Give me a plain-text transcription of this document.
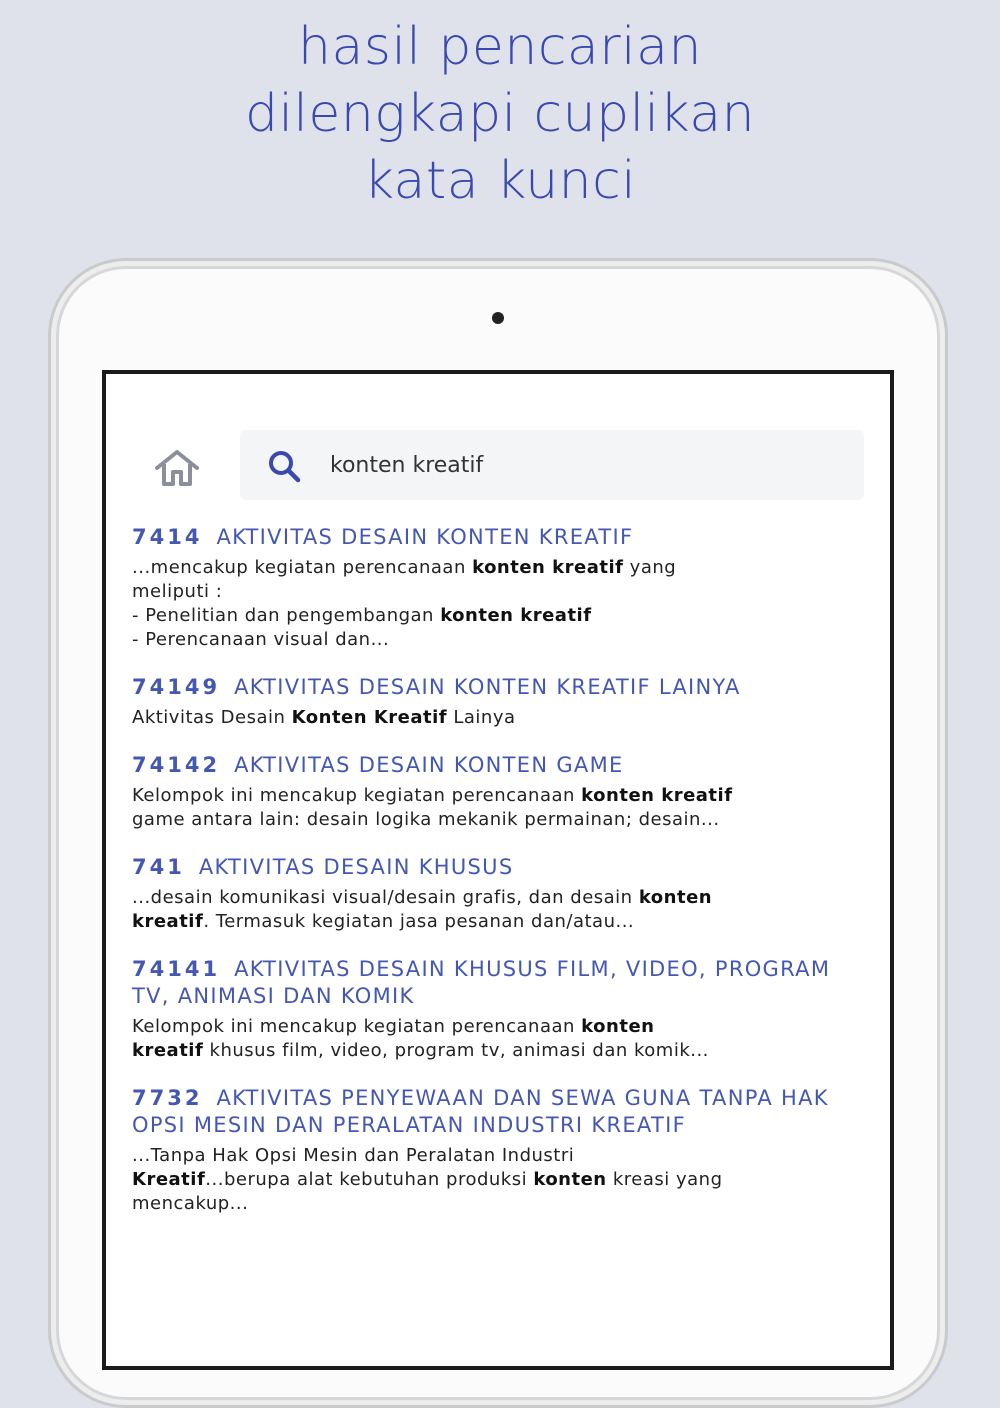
hasil pencarian
dilengkapi cuplikan
kata kunci
konten kreatif
7414 AKTIVITAS DESAIN KONTEN KREATIF
...mencakup kegiatan perencanaan konten kreatif yang
meliputi :
- Penelitian dan pengembangan konten kreatif
- Perencanaan visual dan...
74149 AKTIVITAS DESAIN KONTEN KREATIF LAINYA
Aktivitas Desain Konten Kreatif Lainya
74142 AKTIVITAS DESAIN KONTEN GAME
Kelompok ini mencakup kegiatan perencanaan konten kreatif
game antara lain: desain logika mekanik permainan; desain...
741 AKTIVITAS DESAIN KHUSUS
...desain komunikasi visual/desain grafis, dan desain konten
kreatif. Termasuk kegiatan jasa pesanan dan/atau...
74141 AKTIVITAS DESAIN KHUSUS FILM, VIDEO, PROGRAM TV, ANIMASI DAN KOMIK
Kelompok ini mencakup kegiatan perencanaan konten
kreatif khusus film, video, program tv, animasi dan komik...
7732 AKTIVITAS PENYEWAAN DAN SEWA GUNA TANPA HAK OPSI MESIN DAN PERALATAN INDUSTRI KREATIF
...Tanpa Hak Opsi Mesin dan Peralatan Industri
Kreatif...berupa alat kebutuhan produksi konten kreasi yang
mencakup...
